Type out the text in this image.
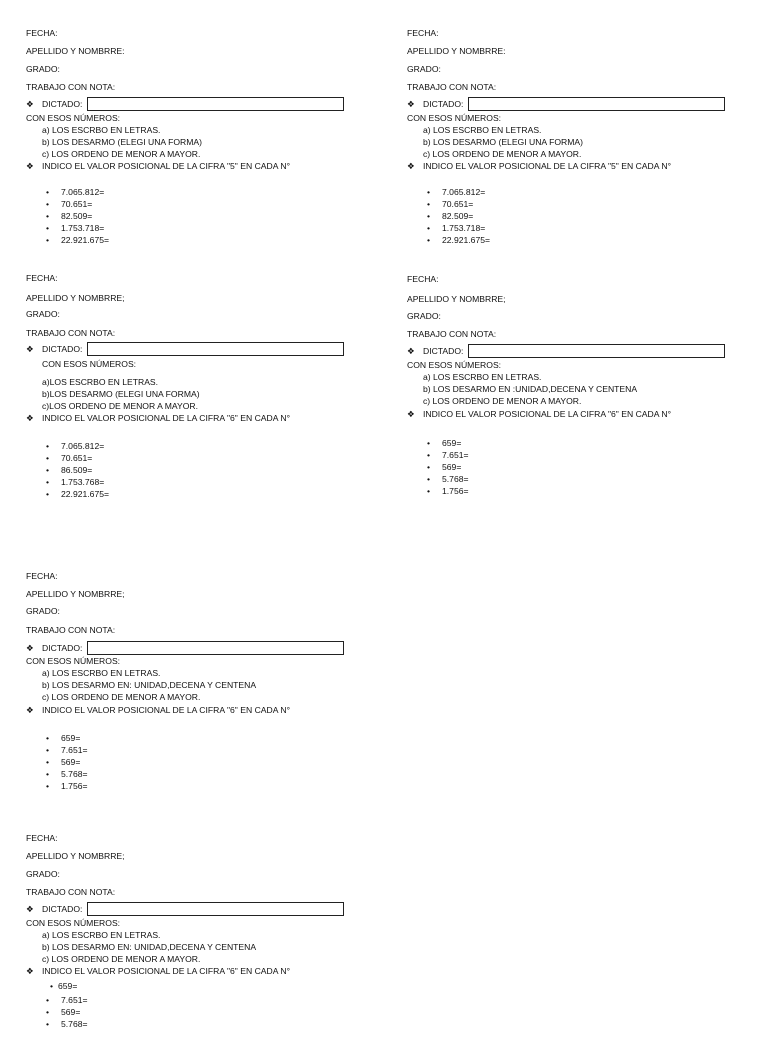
FECHA:
APELLIDO Y NOMBRRE:
GRADO:
TRABAJO CON NOTA:
❖ DICTADO:
CON ESOS NÚMEROS:
a) LOS ESCRBO EN LETRAS.
b) LOS DESARMO (ELEGI UNA FORMA)
c) LOS ORDENO DE MENOR A MAYOR.
❖ INDICO EL VALOR POSICIONAL DE LA CIFRA "5" EN CADA N°
• 7.065.812=
• 70.651=
• 82.509=
• 1.753.718=
• 22.921.675=
FECHA:
APELLIDO Y NOMBRRE:
GRADO:
TRABAJO CON NOTA:
❖ DICTADO:
CON ESOS NÚMEROS:
a) LOS ESCRBO EN LETRAS.
b) LOS DESARMO (ELEGI UNA FORMA)
c) LOS ORDENO DE MENOR A MAYOR.
❖ INDICO EL VALOR POSICIONAL DE LA CIFRA "5" EN CADA N°
• 7.065.812=
• 70.651=
• 82.509=
• 1.753.718=
• 22.921.675=
FECHA:
APELLIDO Y NOMBRRE;
GRADO:
TRABAJO CON NOTA:
❖ DICTADO:
CON ESOS NÚMEROS:
a)LOS ESCRBO EN LETRAS.
b)LOS DESARMO (ELEGI UNA FORMA)
c)LOS ORDENO DE MENOR A MAYOR.
❖ INDICO EL VALOR POSICIONAL DE LA CIFRA "6" EN CADA N°
• 7.065.812=
• 70.651=
• 86.509=
• 1.753.768=
• 22.921.675=
FECHA:
APELLIDO Y NOMBRRE;
GRADO:
TRABAJO CON NOTA:
❖ DICTADO:
CON ESOS NÚMEROS:
a) LOS ESCRBO EN LETRAS.
b) LOS DESARMO EN :UNIDAD,DECENA Y CENTENA
c) LOS ORDENO DE MENOR A MAYOR.
❖ INDICO EL VALOR POSICIONAL DE LA CIFRA "6" EN CADA N°
• 659=
• 7.651=
• 569=
• 5.768=
• 1.756=
FECHA:
APELLIDO Y NOMBRRE;
GRADO:
TRABAJO CON NOTA:
❖ DICTADO:
CON ESOS NÚMEROS:
a) LOS ESCRBO EN LETRAS.
b) LOS DESARMO EN: UNIDAD,DECENA Y CENTENA
c) LOS ORDENO DE MENOR A MAYOR.
❖ INDICO EL VALOR POSICIONAL DE LA CIFRA "6" EN CADA N°
• 659=
• 7.651=
• 569=
• 5.768=
• 1.756=
FECHA:
APELLIDO Y NOMBRRE;
GRADO:
TRABAJO CON NOTA:
❖ DICTADO:
CON ESOS NÚMEROS:
a) LOS ESCRBO EN LETRAS.
b) LOS DESARMO EN: UNIDAD,DECENA Y CENTENA
c) LOS ORDENO DE MENOR A MAYOR.
❖ INDICO EL VALOR POSICIONAL DE LA CIFRA "6" EN CADA N°
• 659=
• 7.651=
• 569=
• 5.768=
